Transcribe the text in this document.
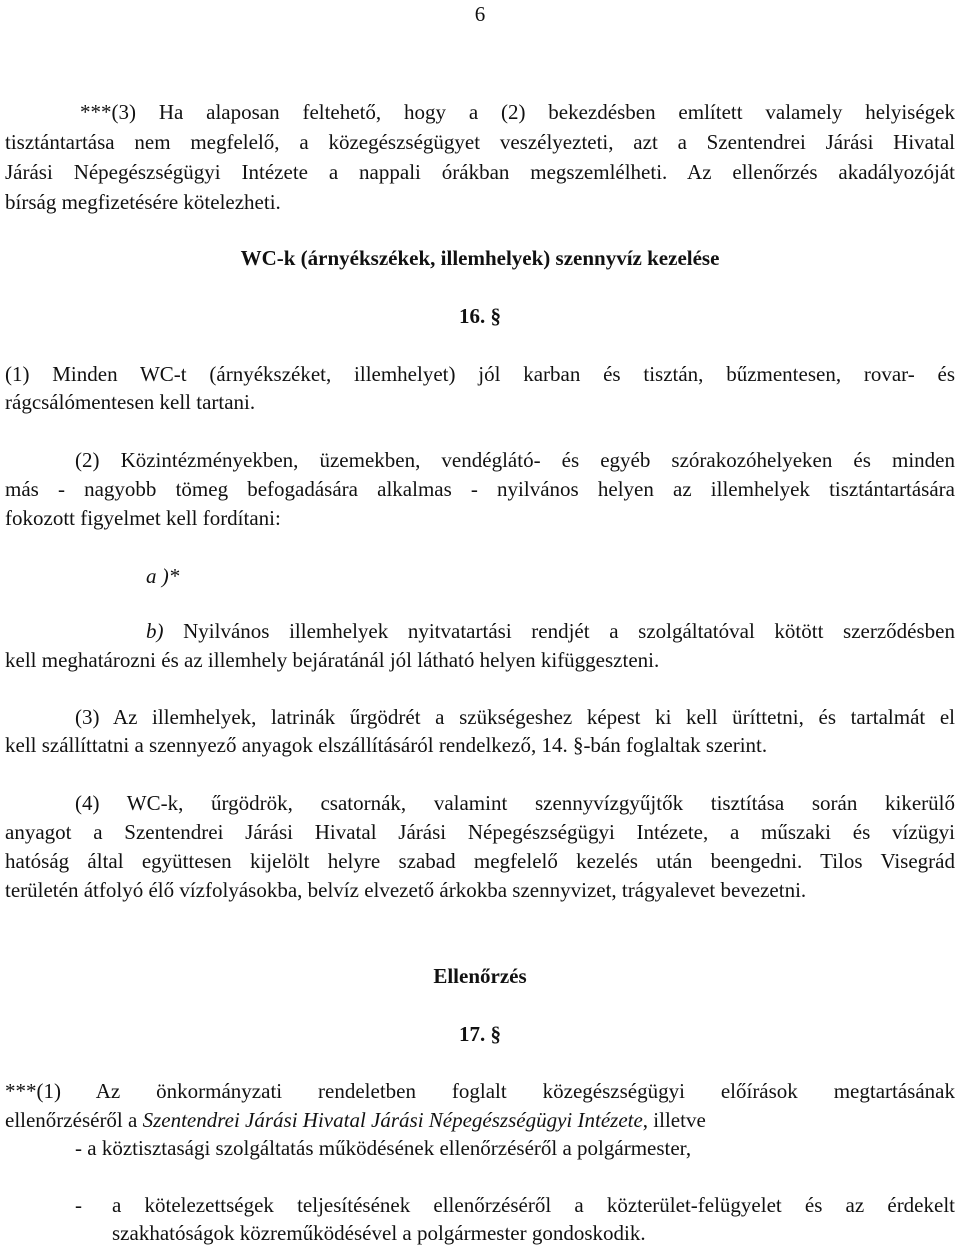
6
***(3) Ha alaposan feltehető, hogy a (2) bekezdésben említett valamely helyiségek
tisztántartása nem megfelelő, a közegészségügyet veszélyezteti, azt a Szentendrei Járási Hivatal
Járási Népegészségügyi Intézete a nappali órákban megszemlélheti. Az ellenőrzés akadályozóját
bírság megfizetésére kötelezheti.
WC-k (árnyékszékek, illemhelyek) szennyvíz kezelése
16. §
(1) Minden WC-t (árnyékszéket, illemhelyet) jól karban és tisztán, bűzmentesen, rovar- és
rágcsálómentesen kell tartani.
(2) Közintézményekben, üzemekben, vendéglátó- és egyéb szórakozóhelyeken és minden
más - nagyobb tömeg befogadására alkalmas - nyilvános helyen az illemhelyek tisztántartására
fokozott figyelmet kell fordítani:
a )*
b) Nyilvános illemhelyek nyitvatartási rendjét a szolgáltatóval kötött szerződésben
kell meghatározni és az illemhely bejáratánál jól látható helyen kifüggeszteni.
(3) Az illemhelyek, latrinák űrgödrét a szükségeshez képest ki kell üríttetni, és tartalmát el
kell szállíttatni a szennyező anyagok elszállításáról rendelkező, 14. §-bán foglaltak szerint.
(4) WC-k, űrgödrök, csatornák, valamint szennyvízgyűjtők tisztítása során kikerülő
anyagot a Szentendrei Járási Hivatal Járási Népegészségügyi Intézete, a műszaki és vízügyi
hatóság által együttesen kijelölt helyre szabad megfelelő kezelés után beengedni. Tilos Visegrád
területén átfolyó élő vízfolyásokba, belvíz elvezető árkokba szennyvizet, trágyalevet bevezetni.
Ellenőrzés
17. §
***(1) Az önkormányzati rendeletben foglalt közegészségügyi előírások megtartásának
ellenőrzéséről a Szentendrei Járási Hivatal Járási Népegészségügyi Intézete, illetve
- a köztisztasági szolgáltatás működésének ellenőrzéséről a polgármester,
-	a kötelezettségek teljesítésének ellenőrzéséről a közterület-felügyelet és az érdekelt
szakhatóságok közreműködésével a polgármester gondoskodik.
